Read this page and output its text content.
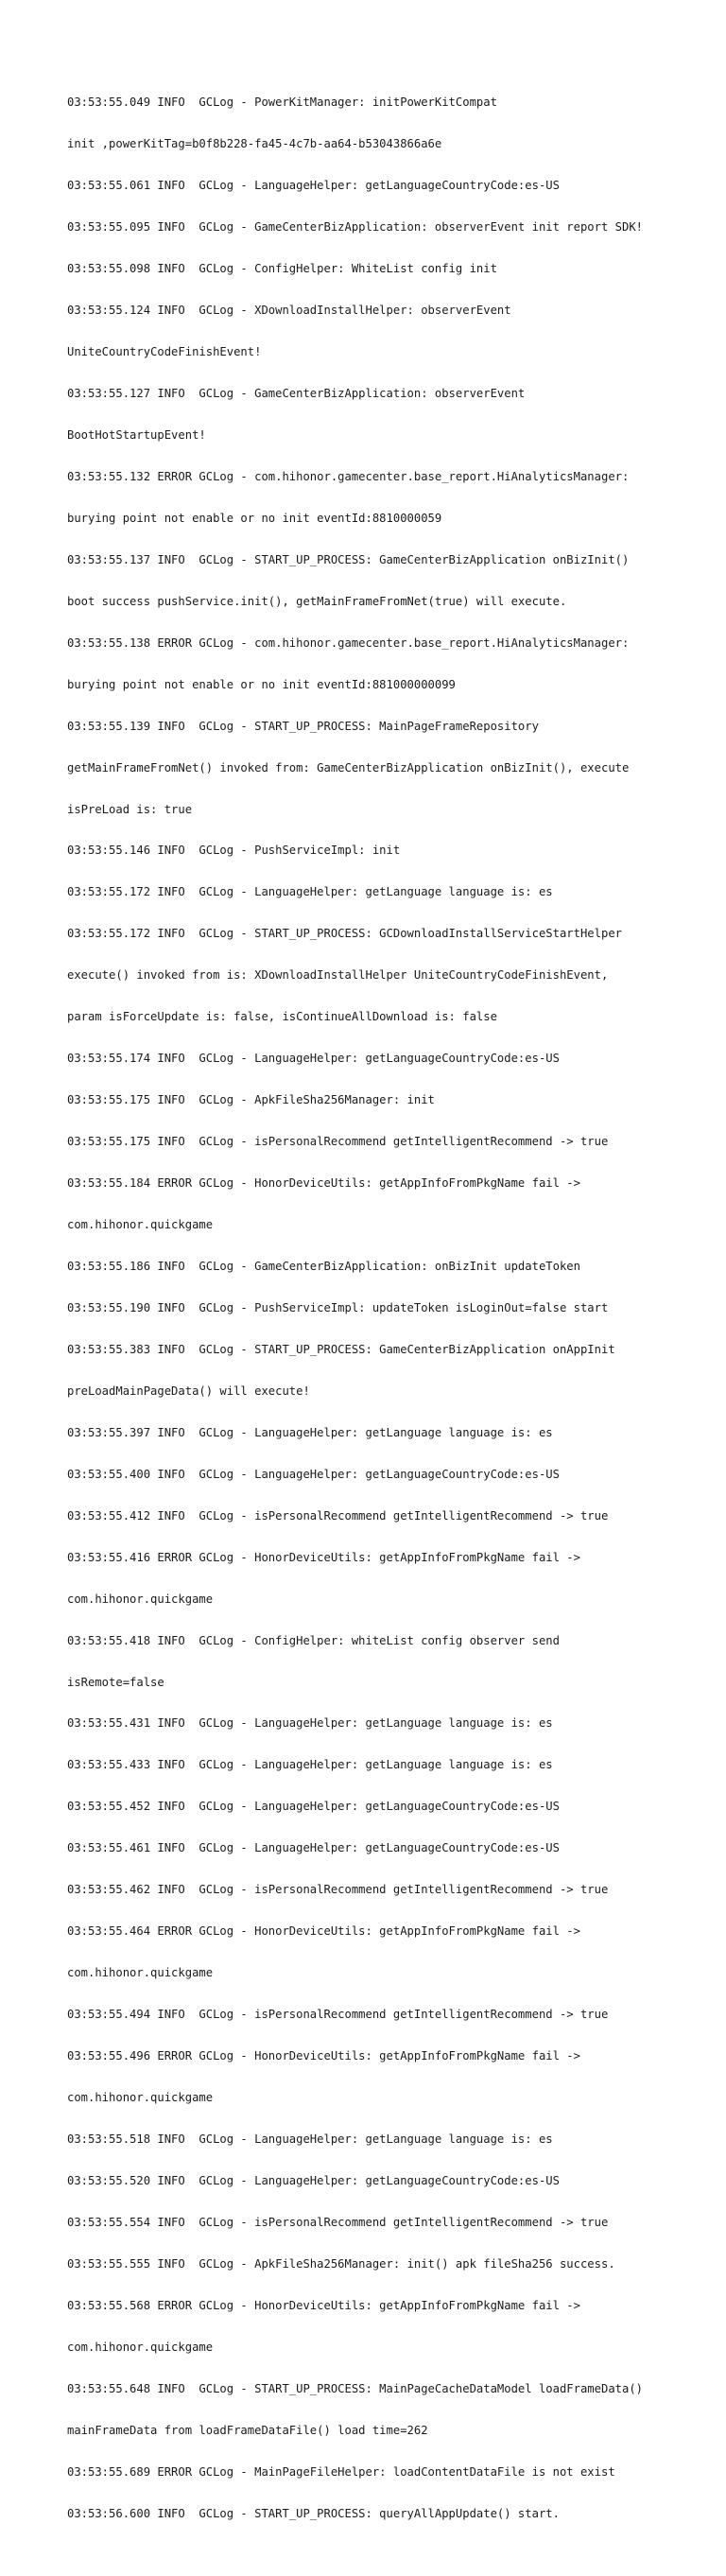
03:53:55.049 INFO  GCLog - PowerKitManager: initPowerKitCompat

init ,powerKitTag=b0f8b228-fa45-4c7b-aa64-b53043866a6e

03:53:55.061 INFO  GCLog - LanguageHelper: getLanguageCountryCode:es-US

03:53:55.095 INFO  GCLog - GameCenterBizApplication: observerEvent init report SDK!

03:53:55.098 INFO  GCLog - ConfigHelper: WhiteList config init

03:53:55.124 INFO  GCLog - XDownloadInstallHelper: observerEvent

UniteCountryCodeFinishEvent!

03:53:55.127 INFO  GCLog - GameCenterBizApplication: observerEvent

BootHotStartupEvent!

03:53:55.132 ERROR GCLog - com.hihonor.gamecenter.base_report.HiAnalyticsManager:

burying point not enable or no init eventId:8810000059

03:53:55.137 INFO  GCLog - START_UP_PROCESS: GameCenterBizApplication onBizInit()

boot success pushService.init(), getMainFrameFromNet(true) will execute.

03:53:55.138 ERROR GCLog - com.hihonor.gamecenter.base_report.HiAnalyticsManager:

burying point not enable or no init eventId:881000000099

03:53:55.139 INFO  GCLog - START_UP_PROCESS: MainPageFrameRepository

getMainFrameFromNet() invoked from: GameCenterBizApplication onBizInit(), execute

isPreLoad is: true

03:53:55.146 INFO  GCLog - PushServiceImpl: init

03:53:55.172 INFO  GCLog - LanguageHelper: getLanguage language is: es

03:53:55.172 INFO  GCLog - START_UP_PROCESS: GCDownloadInstallServiceStartHelper

execute() invoked from is: XDownloadInstallHelper UniteCountryCodeFinishEvent,

param isForceUpdate is: false, isContinueAllDownload is: false

03:53:55.174 INFO  GCLog - LanguageHelper: getLanguageCountryCode:es-US

03:53:55.175 INFO  GCLog - ApkFileSha256Manager: init

03:53:55.175 INFO  GCLog - isPersonalRecommend getIntelligentRecommend -> true

03:53:55.184 ERROR GCLog - HonorDeviceUtils: getAppInfoFromPkgName fail ->

com.hihonor.quickgame

03:53:55.186 INFO  GCLog - GameCenterBizApplication: onBizInit updateToken

03:53:55.190 INFO  GCLog - PushServiceImpl: updateToken isLoginOut=false start

03:53:55.383 INFO  GCLog - START_UP_PROCESS: GameCenterBizApplication onAppInit

preLoadMainPageData() will execute!

03:53:55.397 INFO  GCLog - LanguageHelper: getLanguage language is: es

03:53:55.400 INFO  GCLog - LanguageHelper: getLanguageCountryCode:es-US

03:53:55.412 INFO  GCLog - isPersonalRecommend getIntelligentRecommend -> true

03:53:55.416 ERROR GCLog - HonorDeviceUtils: getAppInfoFromPkgName fail ->

com.hihonor.quickgame

03:53:55.418 INFO  GCLog - ConfigHelper: whiteList config observer send

isRemote=false

03:53:55.431 INFO  GCLog - LanguageHelper: getLanguage language is: es

03:53:55.433 INFO  GCLog - LanguageHelper: getLanguage language is: es

03:53:55.452 INFO  GCLog - LanguageHelper: getLanguageCountryCode:es-US

03:53:55.461 INFO  GCLog - LanguageHelper: getLanguageCountryCode:es-US

03:53:55.462 INFO  GCLog - isPersonalRecommend getIntelligentRecommend -> true

03:53:55.464 ERROR GCLog - HonorDeviceUtils: getAppInfoFromPkgName fail ->

com.hihonor.quickgame

03:53:55.494 INFO  GCLog - isPersonalRecommend getIntelligentRecommend -> true

03:53:55.496 ERROR GCLog - HonorDeviceUtils: getAppInfoFromPkgName fail ->

com.hihonor.quickgame

03:53:55.518 INFO  GCLog - LanguageHelper: getLanguage language is: es

03:53:55.520 INFO  GCLog - LanguageHelper: getLanguageCountryCode:es-US

03:53:55.554 INFO  GCLog - isPersonalRecommend getIntelligentRecommend -> true

03:53:55.555 INFO  GCLog - ApkFileSha256Manager: init() apk fileSha256 success.

03:53:55.568 ERROR GCLog - HonorDeviceUtils: getAppInfoFromPkgName fail ->

com.hihonor.quickgame

03:53:55.648 INFO  GCLog - START_UP_PROCESS: MainPageCacheDataModel loadFrameData()

mainFrameData from loadFrameDataFile() load time=262

03:53:55.689 ERROR GCLog - MainPageFileHelper: loadContentDataFile is not exist

03:53:56.600 INFO  GCLog - START_UP_PROCESS: queryAllAppUpdate() start.
